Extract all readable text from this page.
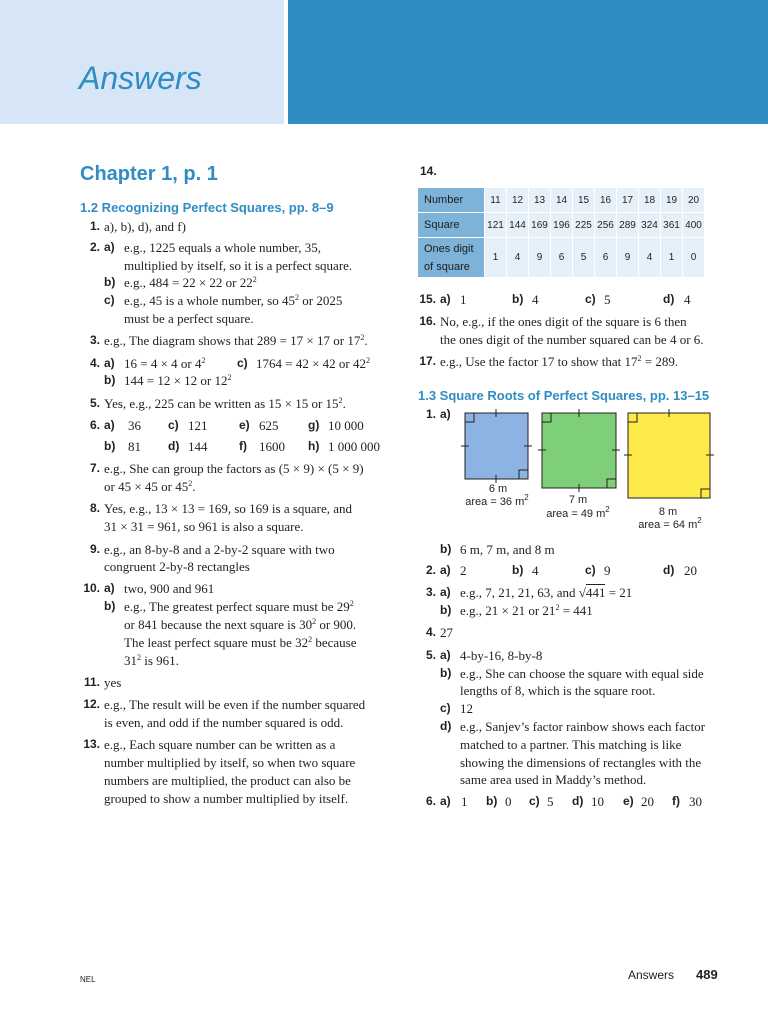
Answers
Chapter 1, p. 1
1.2 Recognizing Perfect Squares, pp. 8–9
1. a), b), d), and f)
2. a) e.g., 1225 equals a whole number, 35,
multiplied by itself, so it is a perfect square.
b) e.g., 484 = 22 × 22 or $22^2$
c) e.g., 45 is a whole number, so $45^2$ or 2025
must be a perfect square.
3. e.g., The diagram shows that 289 = 17 × 17 or $17^2$.
4. a) 16 = 4 × 4 or $4^2$	c) 1764 = 42 × 42 or $42^2$
b) 144 = 12 × 12 or $12^2$
5. Yes, e.g., 225 can be written as 15 × 15 or $15^2$.
6. a) 36 c) 121	e) 625 g) 10 000
b) 81 d) 144	f) 1600 h) 1 000 000
7. e.g., She can group the factors as (5 × 9) × (5 × 9)
or 45 × 45 or $45^2$.
8. Yes, e.g., 13 × 13 = 169, so 169 is a square, and
31 × 31 = 961, so 961 is also a square.
9. e.g., an 8-by-8 and a 2-by-2 square with two
congruent 2-by-8 rectangles
10. a) two, 900 and 961
b) e.g., The greatest perfect square must be $29^2$
or 841 because the next square is $30^2$ or 900.
The least perfect square must be $32^2$ because
$31^2$ is 961.
11. yes
12. e.g., The result will be even if the number squared
is even, and odd if the number squared is odd.
13. e.g., Each square number can be written as a
number multiplied by itself, so when two square
numbers are multiplied, the product can also be
grouped to show a number multiplied by itself.
14.
Number	11	12	13	14	15	16	17	18	19	20
Square	121	144	169	196	225	256	289	324	361	400
Ones digit
of square	1	4	9	6	5	6	9	4	1	0
15. a) 1	b) 4	c) 5	d) 4
16. No, e.g., if the ones digit of the square is 6 then
the ones digit of the number squared can be 4 or 6.
17. e.g., Use the factor 17 to show that $17^2 = 289$.
1.3 Square Roots of Perfect Squares, pp. 13–15
1. a)
6 m
area = 36 $m^2$	7 m
area = 49 $m^2$	8 m
area = 64 $m^2$
b) 6 m, 7 m, and 8 m
2. a) 2	b) 4	c) 9	d) 20
3. a) e.g., 7, 21, 21, 63, and √441 = 21
b) e.g., 21 × 21 or $21^2 = 441$
4. 27
5. a) 4-by-16, 8-by-8
b) e.g., She can choose the square with equal side
lengths of 8, which is the square root.
c) 12
d) e.g., Sanjev’s factor rainbow shows each factor
matched to a partner. This matching is like
showing the dimensions of rectangles with the
same area used in Maddy’s method.
6. a) 1 b) 0 c) 5 d) 10 e) 20 f) 30
NEL	Answers 489
